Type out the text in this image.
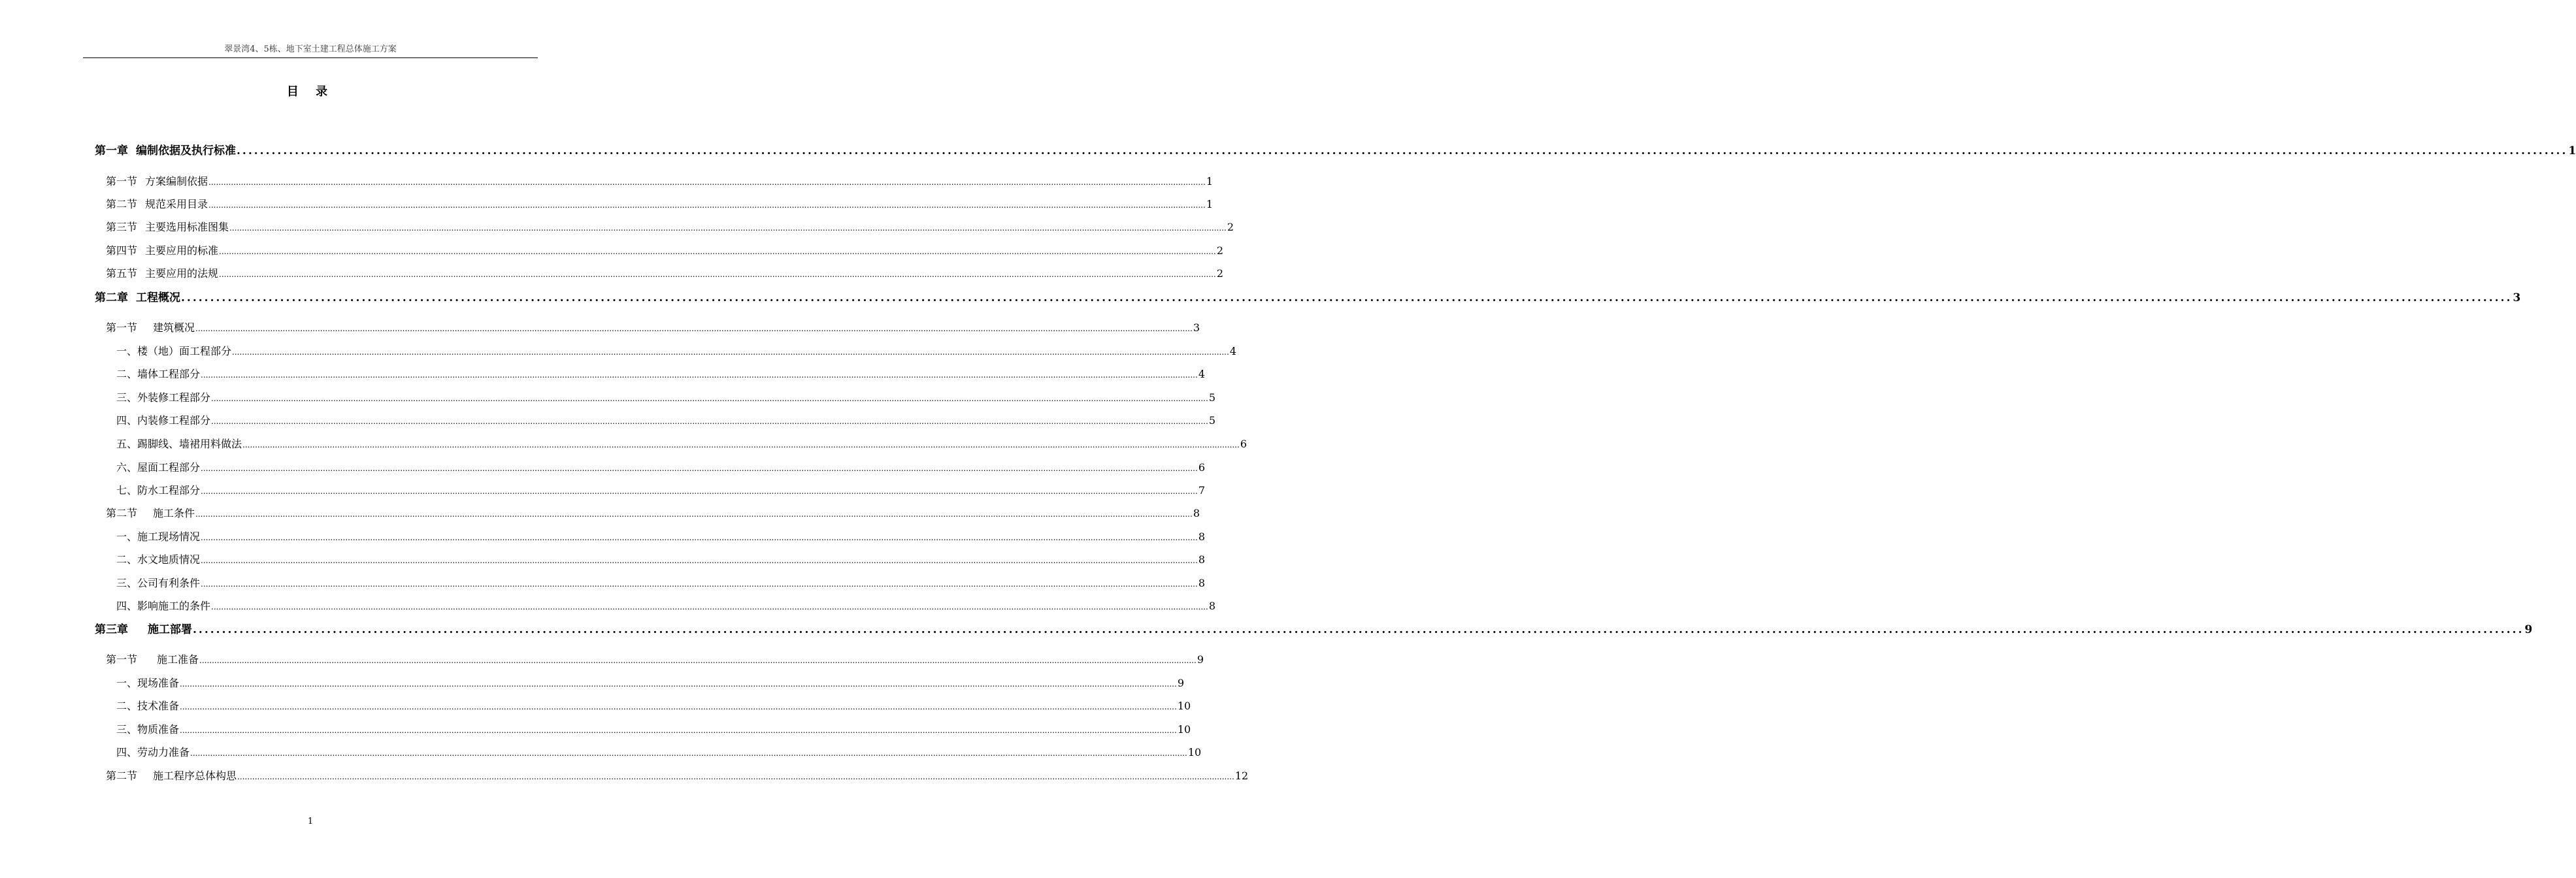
翠景湾4、5栋、地下室土建工程总体施工方案
目 录
第一章 编制依据及执行标准 ................................................................................................................................................................................................................................................................................................................................................................................................................ 1
第一节 方案编制依据 ................................................................................................................................................................................................................................................................................................................................................................................................................ 1
第二节 规范采用目录 ................................................................................................................................................................................................................................................................................................................................................................................................................ 1
第三节 主要选用标准图集 ................................................................................................................................................................................................................................................................................................................................................................................................................ 2
第四节 主要应用的标准 ................................................................................................................................................................................................................................................................................................................................................................................................................ 2
第五节 主要应用的法规 ................................................................................................................................................................................................................................................................................................................................................................................................................ 2
第二章 工程概况 ................................................................................................................................................................................................................................................................................................................................................................................................................ 3
第一节 建筑概况 ................................................................................................................................................................................................................................................................................................................................................................................................................ 3
一、楼（地）面工程部分 ................................................................................................................................................................................................................................................................................................................................................................................................................ 4
二、墙体工程部分 ................................................................................................................................................................................................................................................................................................................................................................................................................ 4
三、外装修工程部分 ................................................................................................................................................................................................................................................................................................................................................................................................................ 5
四、内装修工程部分 ................................................................................................................................................................................................................................................................................................................................................................................................................ 5
五、踢脚线、墙裙用料做法 ................................................................................................................................................................................................................................................................................................................................................................................................................ 6
六、屋面工程部分 ................................................................................................................................................................................................................................................................................................................................................................................................................ 6
七、防水工程部分 ................................................................................................................................................................................................................................................................................................................................................................................................................ 7
第二节 施工条件 ................................................................................................................................................................................................................................................................................................................................................................................................................ 8
一、施工现场情况 ................................................................................................................................................................................................................................................................................................................................................................................................................ 8
二、水文地质情况 ................................................................................................................................................................................................................................................................................................................................................................................................................ 8
三、公司有利条件 ................................................................................................................................................................................................................................................................................................................................................................................................................ 8
四、影响施工的条件 ................................................................................................................................................................................................................................................................................................................................................................................................................ 8
第三章 施工部署 ................................................................................................................................................................................................................................................................................................................................................................................................................ 9
第一节 施工准备 ................................................................................................................................................................................................................................................................................................................................................................................................................ 9
一、现场准备 ................................................................................................................................................................................................................................................................................................................................................................................................................ 9
二、技术准备 ................................................................................................................................................................................................................................................................................................................................................................................................................ 10
三、物质准备 ................................................................................................................................................................................................................................................................................................................................................................................................................ 10
四、劳动力准备 ................................................................................................................................................................................................................................................................................................................................................................................................................ 10
第二节 施工程序总体构思 ................................................................................................................................................................................................................................................................................................................................................................................................................ 12
1
